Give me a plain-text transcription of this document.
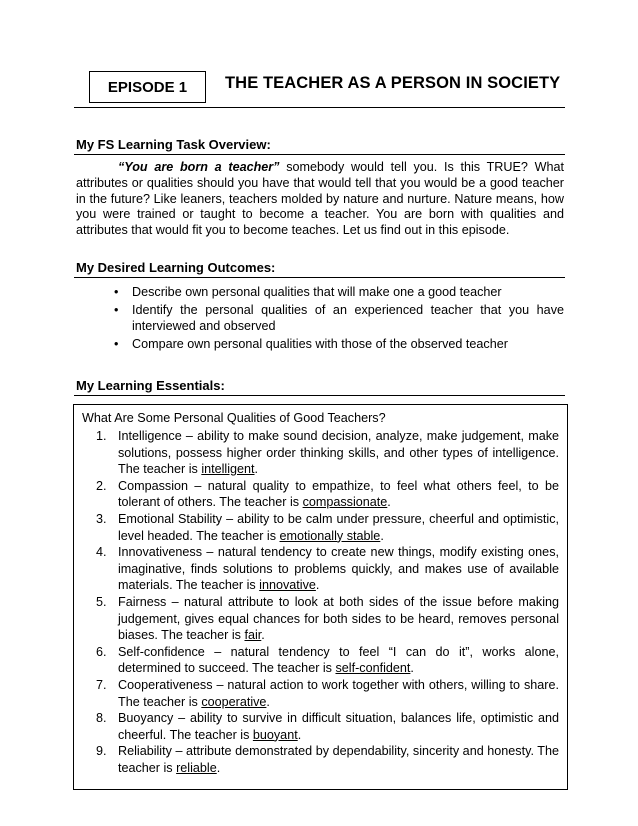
EPISODE 1 THE TEACHER AS A PERSON IN SOCIETY
My FS Learning Task Overview:

“You are born a teacher” somebody would tell you. Is this TRUE? What attributes or qualities should you have that would tell that you would be a good teacher in the future? Like leaners, teachers molded by nature and nurture. Nature means, how you were trained or taught to become a teacher. You are born with qualities and attributes that would fit you to become teaches. Let us find out in this episode.

My Desired Learning Outcomes:
• Describe own personal qualities that will make one a good teacher
• Identify the personal qualities of an experienced teacher that you have interviewed and observed
• Compare own personal qualities with those of the observed teacher
My Learning Essentials:
What Are Some Personal Qualities of Good Teachers?
1. Intelligence – ability to make sound decision, analyze, make judgement, make solutions, possess higher order thinking skills, and other types of intelligence. The teacher is intelligent.
2. Compassion – natural quality to empathize, to feel what others feel, to be tolerant of others. The teacher is compassionate.
3. Emotional Stability – ability to be calm under pressure, cheerful and optimistic, level headed. The teacher is emotionally stable.
4. Innovativeness – natural tendency to create new things, modify existing ones, imaginative, finds solutions to problems quickly, and makes use of available materials. The teacher is innovative.
5. Fairness – natural attribute to look at both sides of the issue before making judgement, gives equal chances for both sides to be heard, removes personal biases. The teacher is fair.
6. Self-confidence – natural tendency to feel “I can do it”, works alone, determined to succeed. The teacher is self-confident.
7. Cooperativeness – natural action to work together with others, willing to share. The teacher is cooperative.
8. Buoyancy – ability to survive in difficult situation, balances life, optimistic and cheerful. The teacher is buoyant.
9. Reliability – attribute demonstrated by dependability, sincerity and honesty. The teacher is reliable.
